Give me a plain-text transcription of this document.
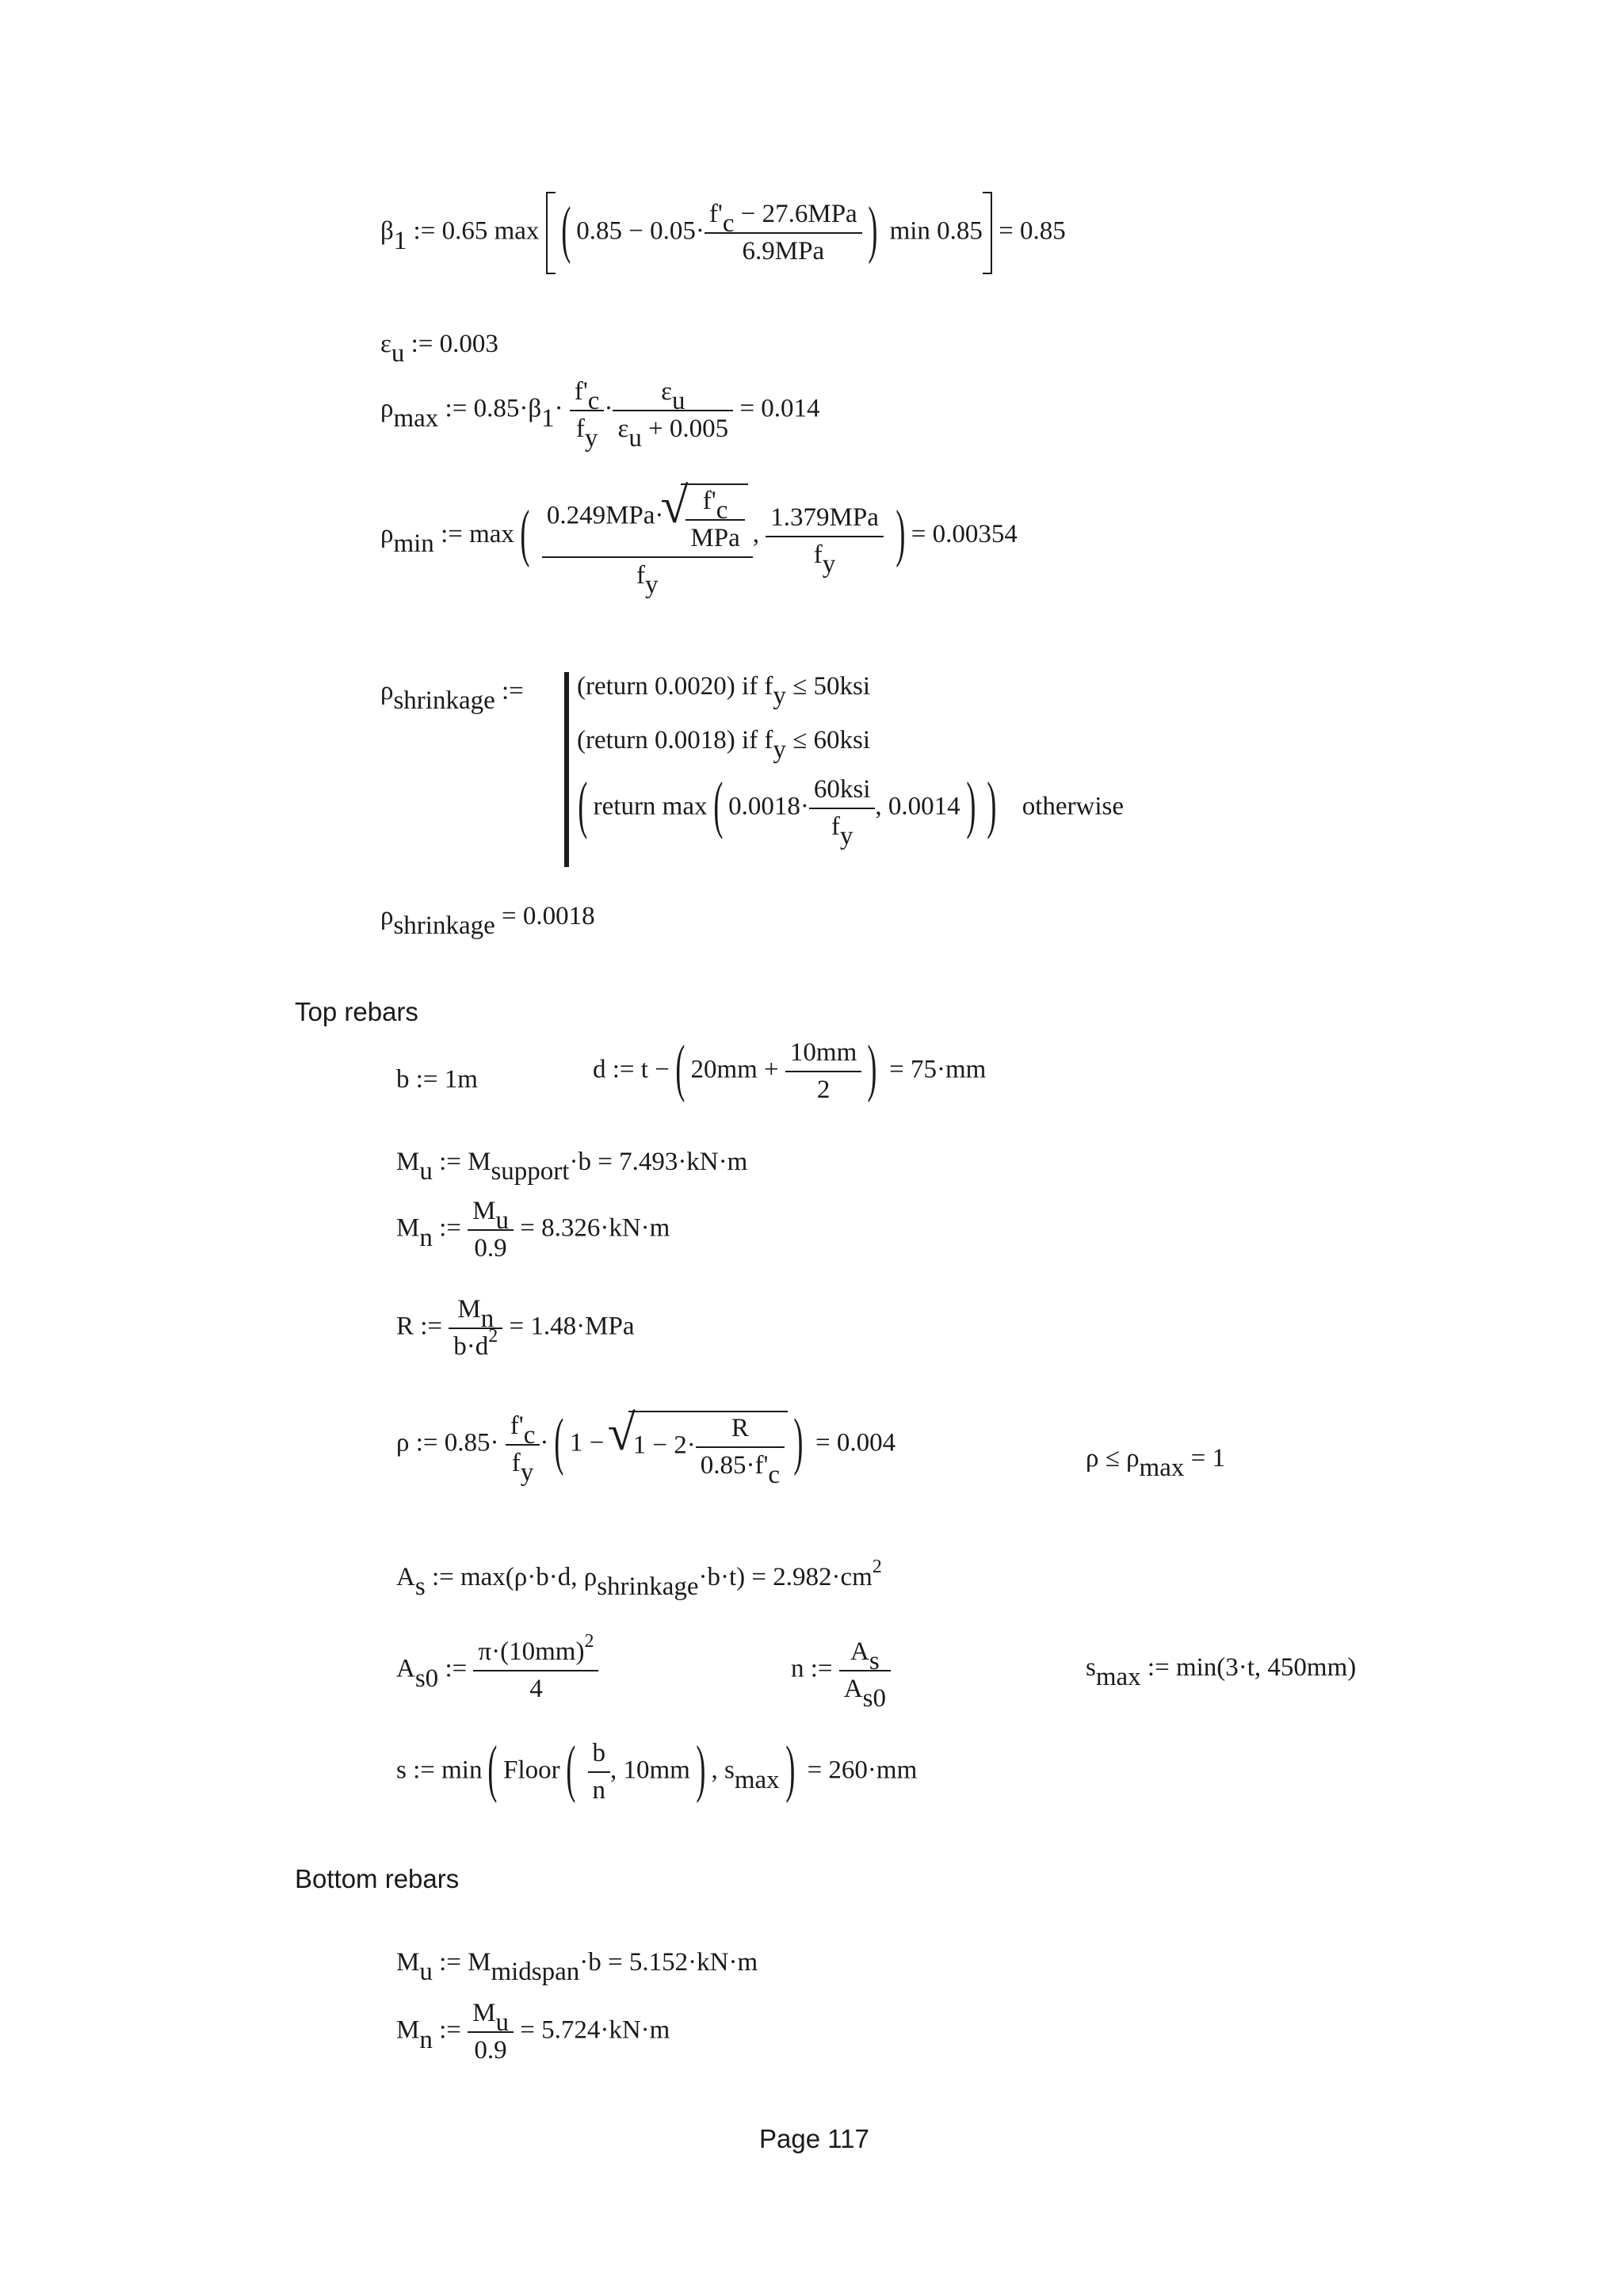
β1 := 0.65 max ( $0.85 - 0.05\cdot \frac{\text{f'c − 27.6MPa}}{\text{6.9MPa}}$ ) min 0.85 = 0.85
εu := 0.003
ρmax := $0.85\cdot\beta 1\cdot \frac{f'c}{fy} \cdot \frac{\varepsilon u}{\varepsilon u + 0.005} = 0.014$
ρmin := max( 0.249MPa·
√ $\frac{f'c}{\text{MPa}}$
fy , $\frac{\text{1.379MPa}}{fy}$ ) = 0.00354
ρshrinkage := (return 0.0020) if fy ≤ 50ksi
(return 0.0018) if fy ≤ 60ksi
( return max( $0.0018\cdot \frac{\text{60ksi}}{fy}$ , 0.0014) ) otherwise
ρshrinkage = 0.0018
Top rebars
b := 1m	d := t −( $20mm + \frac{10mm}{2}$ ) = 75·mm
Mu := Msupport·b = 7.493·kN·m
Mn := $\frac{Mu}{0.9} = 8.326\cdot kN\cdot m$
R := $\frac{Mn}{b\cdot d^2} = 1.48\cdot MPa$
ρ := $0.85\cdot \frac{f'c}{fy}$ ·( 1 − √ $1 - 2\cdot \frac{R}{0.85\cdot f'c}$ ) = 0.004
ρ ≤ ρmax = 1
As := max(ρ·b·d, ρshrinkage·b·t) = $2.982\cdot cm^2$
As0 := $\frac{\pi\cdot(10mm)^2}{4}$	n := $\frac{As}{As0}$	smax := min(3·t, 450mm)
s := min( Floor( $\frac{b}{n}$ , 10mm) , smax) = 260·mm
Bottom rebars
Mu := Mmidspan·b = 5.152·kN·m
Mn := $\frac{Mu}{0.9} = 5.724\cdot kN\cdot m$
Page 117
